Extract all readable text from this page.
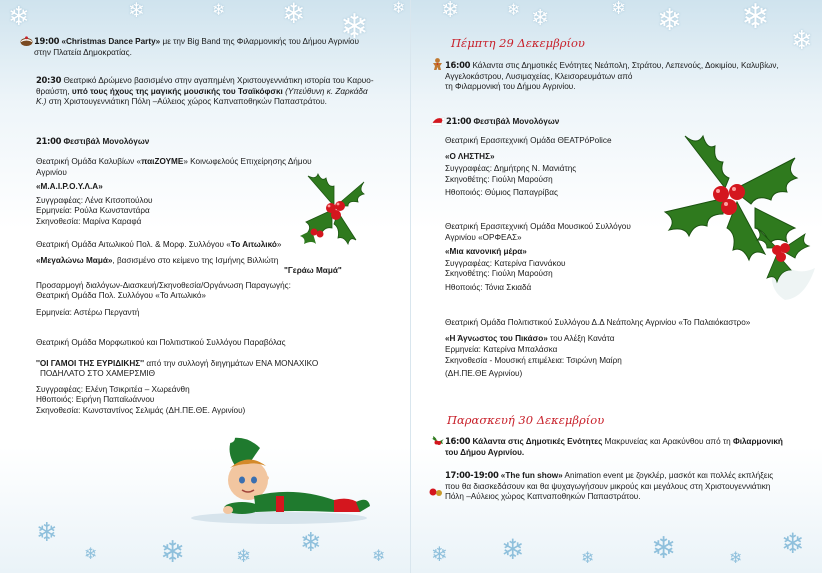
❄	❄	❄ ❄ ❄ ❄
❄
❄ ❄	❄ ❄	❄

19:00 «Christmas Dance Party» με την Big Band της Φιλαρμονικής του Δήμου Αγρινίου

στην Πλατεία Δημοκρατίας.

20:30 Θεατρικό Δρώμενο βασισμένο στην αγαπημένη Χριστουγεννιάτικη ιστορία του Καρυο-

θραύστη, υπό τους ήχους της μαγικής μουσικής του Τσαϊκόφσκι (Υπεύθυνη κ. Ζαρκάδα

Κ.) στη Χριστουγεννιάτικη Πόλη –Αύλειος χώρος Καπναποθηκών Παπαστράτου.

21:00 Φεστιβάλ Μονολόγων

Θεατρική Ομάδα Καλυβίων «παιΖΟΥΜΕ» Κοινωφελούς Επιχείρησης Δήμου Αγρινίου

«Μ.Α.Ι.Ρ.Ο.Υ.Λ.Α»

Συγγραφέας: Λένα Κιτσοπούλου

Ερμηνεία: Ρούλα Κωνσταντάρα

Σκηνοθεσία: Μαρίνα Καραφά

Θεατρική Ομάδα Αιτωλικού Πολ. & Μορφ. Συλλόγου «Το Αιτωλικό»

«Μεγαλώνω Μαμά», βασισμένο στο κείμενο της Ισμήνης Βιλλιώτη

"Γεράω Μαμά"

Προσαρμογή διαλόγων-Διασκευή/Σκηνοθεσία/Οργάνωση Παραγωγής:

Θεατρική Ομάδα Πολ. Συλλόγου «Το Αιτωλικό»

Ερμηνεία: Αστέρω Περγαντή

Θεατρική Ομάδα Μορφωτικού και Πολιτιστικού Συλλόγου Παραβόλας

''ΟΙ ΓΑΜΟΙ ΤΗΣ ΕΥΡΙΔΙΚΗΣ'' από την συλλογή διηγημάτων ΕΝΑ ΜΟΝΑΧΙΚΟ

ΠΟΔΗΛΑΤΟ ΣΤΟ ΧΑΜΕΡΣΜΙΘ

Συγγραφέας: Ελένη Τσικριτέα – Χωρεάνθη

Ηθοποιός: Ειρήνη Παπαϊωάννου

Σκηνοθεσία: Κωνσταντίνος Σελιμάς (ΔΗ.ΠΕ.ΘΕ. Αγρινίου)

❄	❄ ❄	❄ ❄ ❄
❄
❄ ❄	❄ ❄	❄ ❄
Πέμπτη 29 Δεκεμβρίου

16:00 Κάλαντα στις Δημοτικές Ενότητες Νεάπολη, Στράτου, Λεπενούς, Δοκιμίου, Καλυβίων,

Αγγελοκάστρου, Λυσιμαχείας, Κλεισορευμάτων από

τη Φιλαρμονική του Δήμου Αγρινίου.

21:00 Φεστιβάλ Μονολόγων

Θεατρική Ερασιτεχνική Ομάδα ΘΕΑΤΡόPolice

«Ο ΛΗΣΤΗΣ»

Συγγραφέας: Δημήτρης Ν. Μανιάτης

Σκηνοθέτης: Γιούλη Μαρούση

Ηθοποιός: Θύμιος Παπαγρίβας

Θεατρική Ερασιτεχνική Ομάδα Μουσικού Συλλόγου

Αγρινίου «ΟΡΦΕΑΣ»

«Μια κανονική μέρα»

Συγγραφέας: Κατερίνα Γιαννάκου

Σκηνοθέτης: Γιούλη Μαρούση

Ηθοποιός: Τόνια Σκιαδά

Θεατρική Ομάδα Πολιτιστικού Συλλόγου Δ.Δ Νεάπολης Αγρινίου «Το Παλαιόκαστρο»

«Η Άγνωστος του Πικάσο» του Αλέξη Κανάτα

Ερμηνεία: Κατερίνα Μπαλάσκα

Σκηνοθεσία - Μουσική επιμέλεια: Τσιρώνη Μαίρη

(ΔΗ.ΠΕ.ΘΕ Αγρινίου)

Παρασκευή 30 Δεκεμβρίου

16:00 Κάλαντα στις Δημοτικές Ενότητες Μακρυνείας και Αρακύνθου από τη Φιλαρμονική

του Δήμου Αγρινίου.

17:00-19:00 «The fun show» Animation event με ζογκλέρ, μασκότ και πολλές εκπλήξεις

που θα διασκεδάσουν και θα ψυχαγωγήσουν μικρούς και μεγάλους στη Χριστουγεννιάτικη

Πόλη –Αύλειος χώρος Καπναποθηκών Παπαστράτου.
